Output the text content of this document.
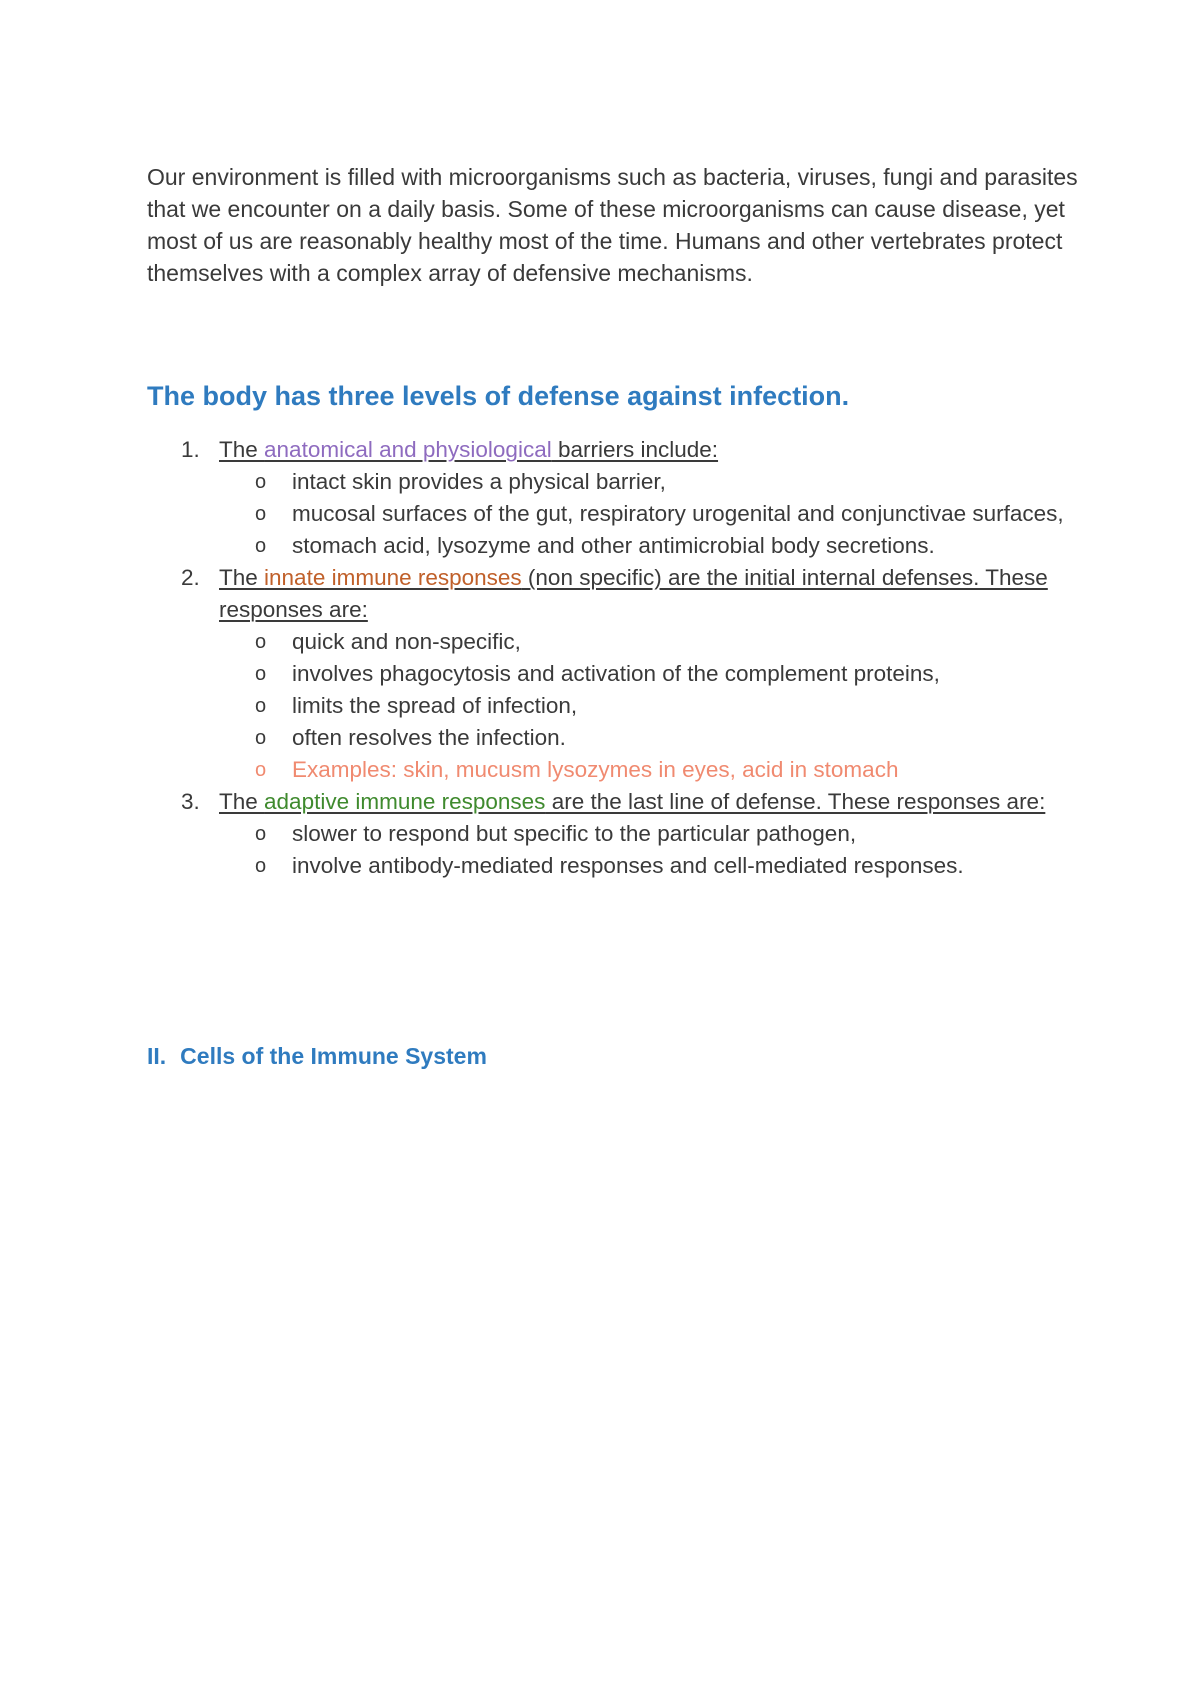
Our environment is filled with microorganisms such as bacteria, viruses, fungi and parasites that we encounter on a daily basis. Some of these microorganisms can cause disease, yet most of us are reasonably healthy most of the time. Humans and other vertebrates protect themselves with a complex array of defensive mechanisms.

The body has three levels of defense against infection.
1. The anatomical and physiological barriers include:
o intact skin provides a physical barrier,
o mucosal surfaces of the gut, respiratory urogenital and conjunctivae surfaces,
o stomach acid, lysozyme and other antimicrobial body secretions.
2. The innate immune responses (non specific) are the initial internal defenses. These responses are:
o quick and non-specific,
o involves phagocytosis and activation of the complement proteins,
o limits the spread of infection,
o often resolves the infection.
o Examples: skin, mucusm lysozymes in eyes, acid in stomach
3. The adaptive immune responses are the last line of defense. These responses are:
o slower to respond but specific to the particular pathogen,
o involve antibody-mediated responses and cell-mediated responses.
II. Cells of the Immune System
